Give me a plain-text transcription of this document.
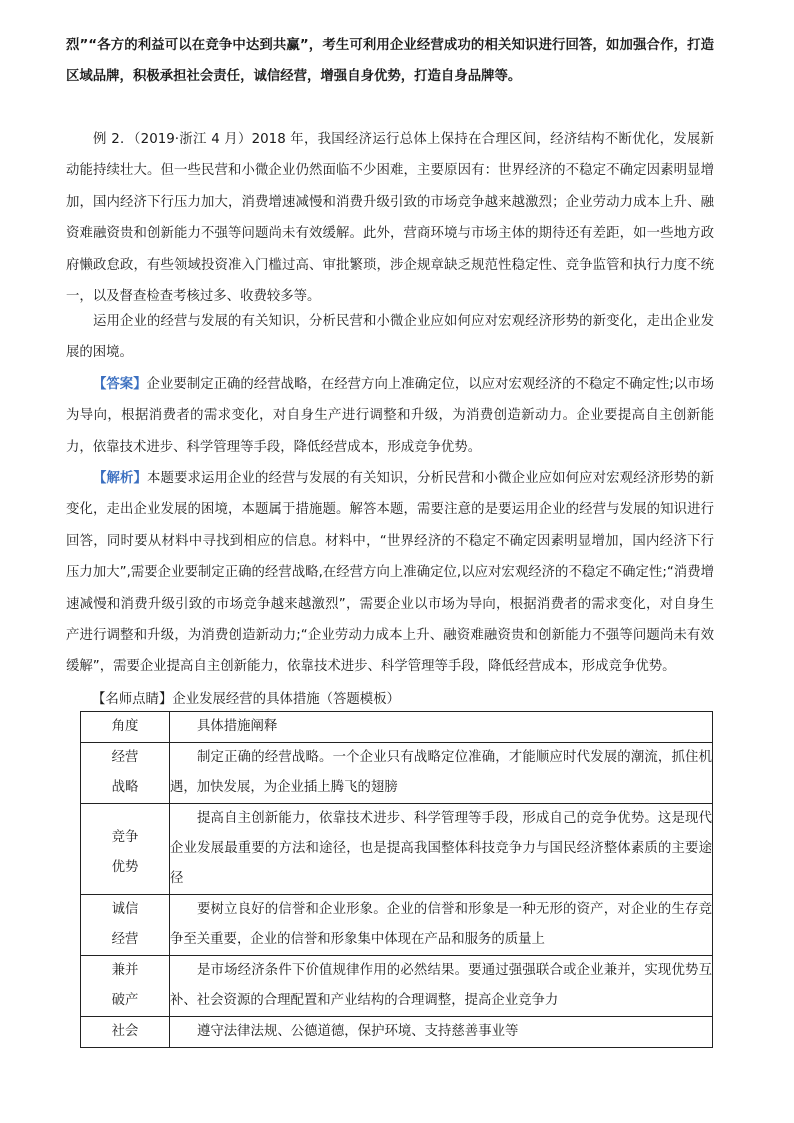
烈”“各方的利益可以在竞争中达到共赢”，考生可利用企业经营成功的相关知识进行回答，如加强合作，打造区域品牌，积极承担社会责任，诚信经营，增强自身优势，打造自身品牌等。

例 2．（2019·浙江 4 月）2018 年，我国经济运行总体上保持在合理区间，经济结构不断优化，发展新动能持续壮大。但一些民营和小微企业仍然面临不少困难，主要原因有：世界经济的不稳定不确定因素明显增加，国内经济下行压力加大，消费增速减慢和消费升级引致的市场竞争越来越激烈；企业劳动力成本上升、融资难融资贵和创新能力不强等问题尚未有效缓解。此外，营商环境与市场主体的期待还有差距，如一些地方政府懒政怠政，有些领域投资准入门槛过高、审批繁琐，涉企规章缺乏规范性稳定性、竞争监管和执行力度不统一，以及督查检查考核过多、收费较多等。

运用企业的经营与发展的有关知识，分析民营和小微企业应如何应对宏观经济形势的新变化，走出企业发展的困境。

【答案】企业要制定正确的经营战略，在经营方向上准确定位，以应对宏观经济的不稳定不确定性;以市场为导向，根据消费者的需求变化，对自身生产进行调整和升级，为消费创造新动力。企业要提高自主创新能力，依靠技术进步、科学管理等手段，降低经营成本，形成竞争优势。

【解析】本题要求运用企业的经营与发展的有关知识，分析民营和小微企业应如何应对宏观经济形势的新变化，走出企业发展的困境，本题属于措施题。解答本题，需要注意的是要运用企业的经营与发展的知识进行回答，同时要从材料中寻找到相应的信息。材料中，“世界经济的不稳定不确定因素明显增加，国内经济下行压力加大”,需要企业要制定正确的经营战略,在经营方向上准确定位,以应对宏观经济的不稳定不确定性;“消费增速减慢和消费升级引致的市场竞争越来越激烈”，需要企业以市场为导向，根据消费者的需求变化，对自身生产进行调整和升级，为消费创造新动力;“企业劳动力成本上升、融资难融资贵和创新能力不强等问题尚未有效缓解”，需要企业提高自主创新能力，依靠技术进步、科学管理等手段，降低经营成本，形成竞争优势。

【名师点睛】企业发展经营的具体措施（答题模板）
角度	具体措施阐释

经营
战略	制定正确的经营战略。一个企业只有战略定位准确，才能顺应时代发展的潮流，抓住机遇，加快发展，为企业插上腾飞的翅膀

竞争
优势	提高自主创新能力，依靠技术进步、科学管理等手段，形成自己的竞争优势。这是现代企业发展最重要的方法和途径，也是提高我国整体科技竞争力与国民经济整体素质的主要途径

诚信
经营	要树立良好的信誉和企业形象。企业的信誉和形象是一种无形的资产，对企业的生存竞争至关重要，企业的信誉和形象集中体现在产品和服务的质量上

兼并
破产	是市场经济条件下价值规律作用的必然结果。要通过强强联合或企业兼并，实现优势互补、社会资源的合理配置和产业结构的合理调整，提高企业竞争力

社会	遵守法律法规、公德道德，保护环境、支持慈善事业等
